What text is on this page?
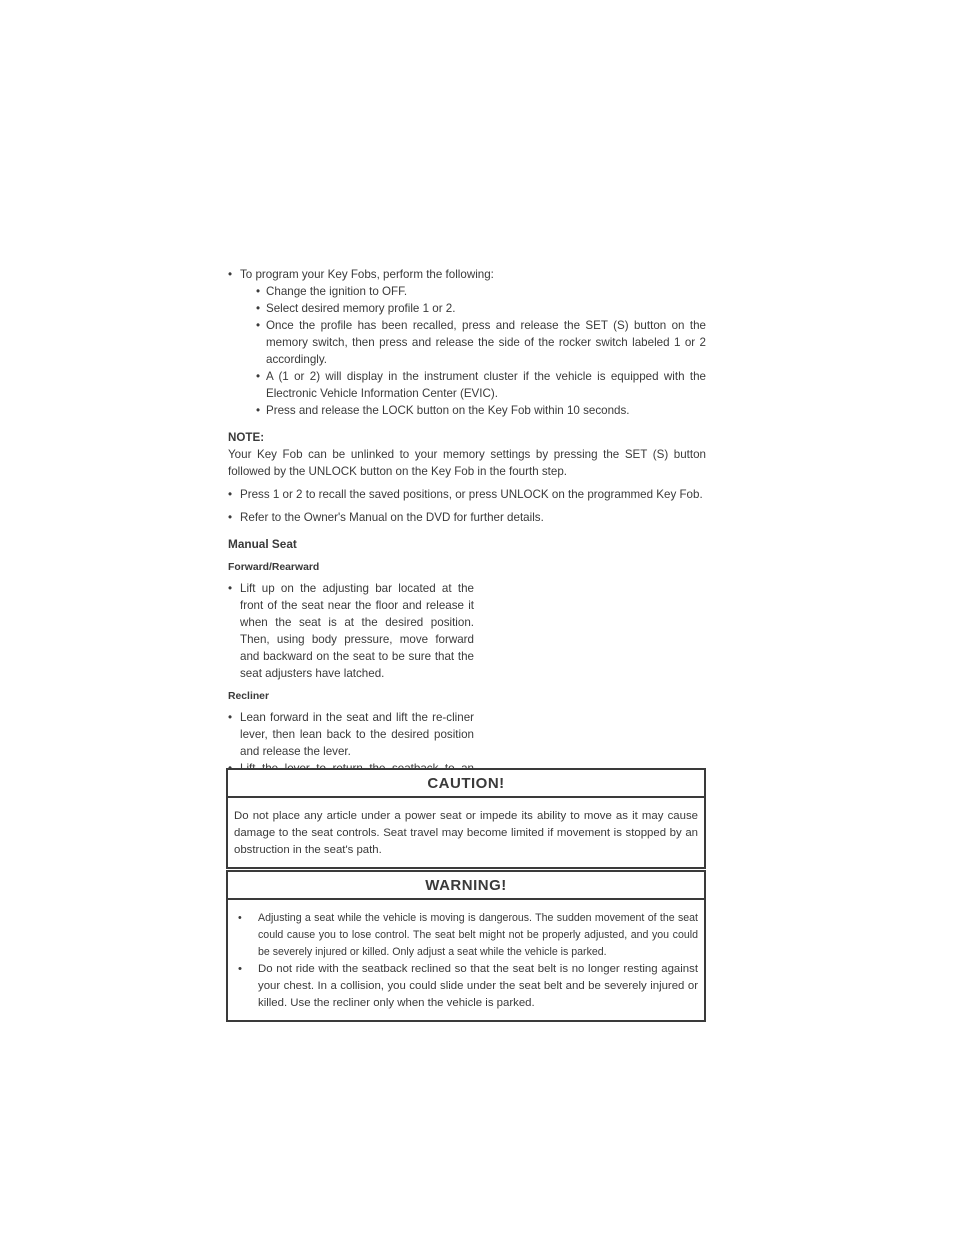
• To program your Key Fobs, perform the following:
• Change the ignition to OFF.
• Select desired memory profile 1 or 2.
• Once the profile has been recalled, press and release the SET (S) button on the memory switch, then press and release the side of the rocker switch labeled 1 or 2 accordingly.
• A (1 or 2) will display in the instrument cluster if the vehicle is equipped with the Electronic Vehicle Information Center (EVIC).
• Press and release the LOCK button on the Key Fob within 10 seconds.
NOTE:

Your Key Fob can be unlinked to your memory settings by pressing the SET (S) button followed by the UNLOCK button on the Key Fob in the fourth step.

• Press 1 or 2 to recall the saved positions, or press UNLOCK on the programmed Key Fob.
• Refer to the Owner's Manual on the DVD for further details.
Manual Seat
Forward/Rearward
• Lift up on the adjusting bar located at the front of the seat near the floor and release it when the seat is at the desired position. Then, using body pressure, move forward and backward on the seat to be sure that the seat adjusters have latched.
Recliner
• Lean forward in the seat and lift the re-cliner lever, then lean back to the desired position and release the lever.
•
CAUTION!
Do not place any article under a power seat or impede its ability to move as it may cause damage to the seat controls. Seat travel may become limited if movement is stopped by an obstruction in the seat's path.
WARNING!
• Adjusting a seat while the vehicle is moving is dangerous. The sudden movement of the seat could cause you to lose control. The seat belt might not be properly adjusted, and you could be severely injured or killed. Only adjust a seat while the vehicle is parked.
• Do not ride with the seatback reclined so that the seat belt is no longer resting against your chest. In a collision, you could slide under the seat belt and be severely injured or killed. Use the recliner only when the vehicle is parked.
